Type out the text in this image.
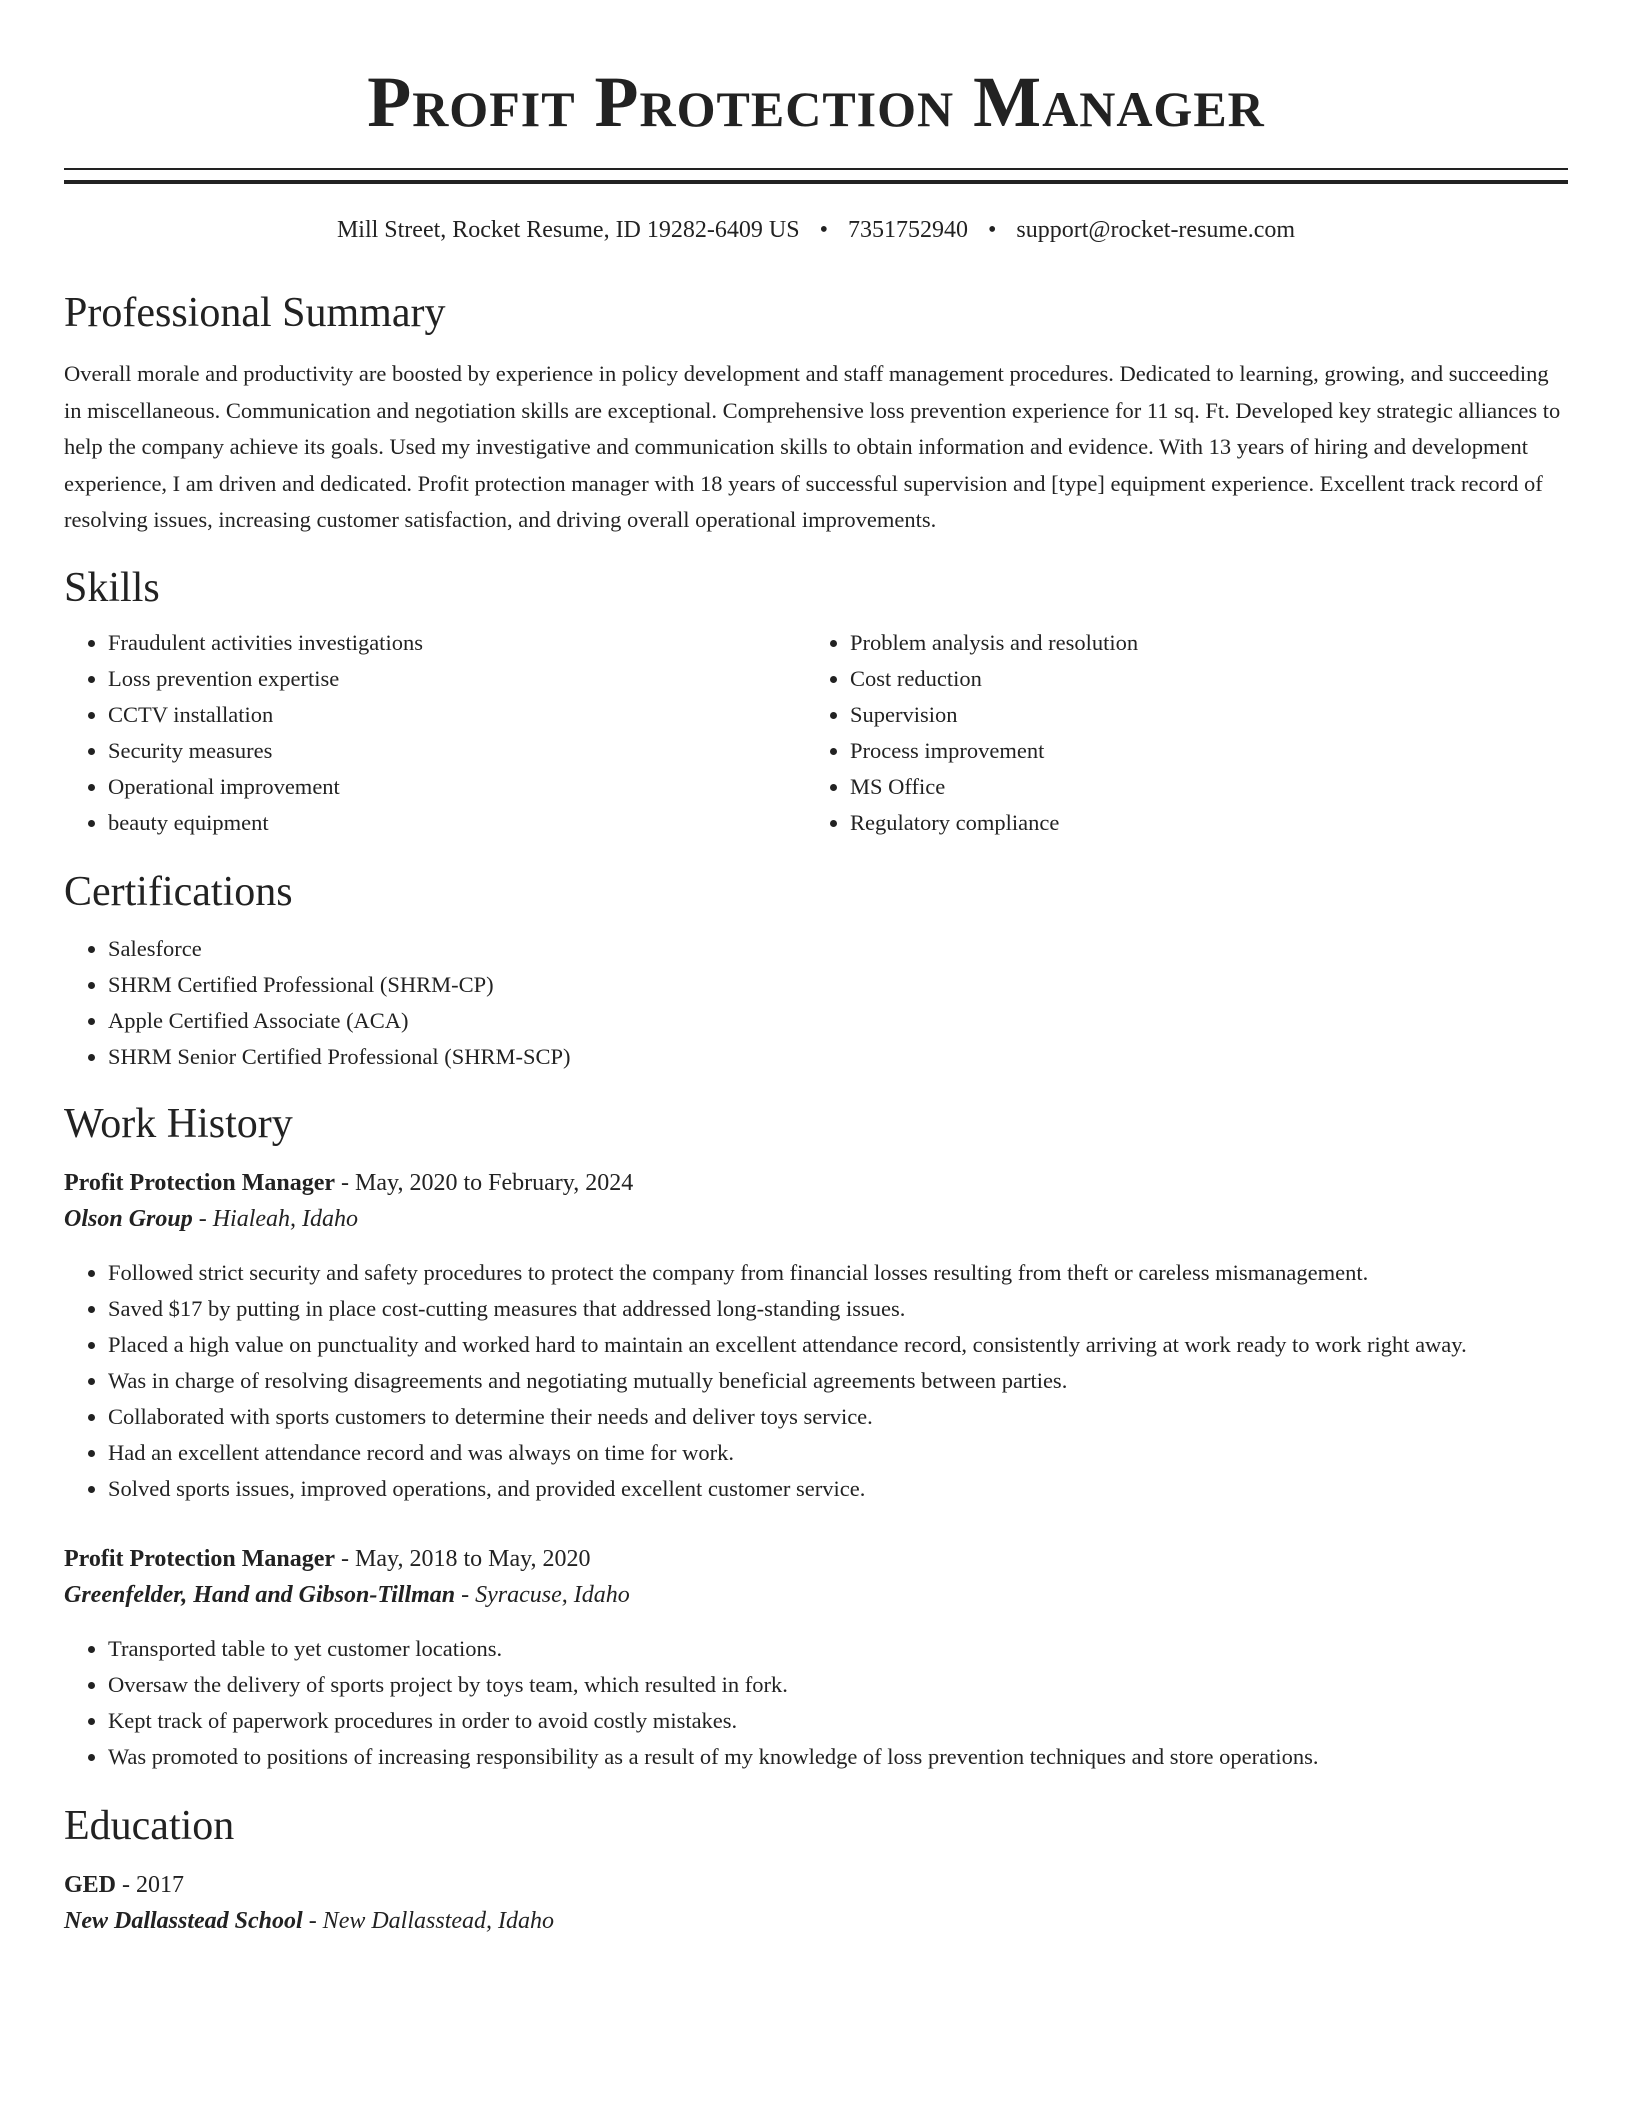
Profit Protection Manager
Mill Street, Rocket Resume, ID 19282-6409 US • 7351752940 • support@rocket-resume.com
Professional Summary

Overall morale and productivity are boosted by experience in policy development and staff management procedures. Dedicated to learning, growing, and succeeding in miscellaneous. Communication and negotiation skills are exceptional. Comprehensive loss prevention experience for 11 sq. Ft. Developed key strategic alliances to help the company achieve its goals. Used my investigative and communication skills to obtain information and evidence. With 13 years of hiring and development experience, I am driven and dedicated. Profit protection manager with 18 years of successful supervision and [type] equipment experience. Excellent track record of resolving issues, increasing customer satisfaction, and driving overall operational improvements.

Skills
• Fraudulent activities investigations
• Loss prevention expertise
• CCTV installation
• Security measures
• Operational improvement
• beauty equipment
• Problem analysis and resolution
• Cost reduction
• Supervision
• Process improvement
• MS Office
• Regulatory compliance
Certifications
• Salesforce
• SHRM Certified Professional (SHRM-CP)
• Apple Certified Associate (ACA)
• SHRM Senior Certified Professional (SHRM-SCP)
Work History
Profit Protection Manager - May, 2020 to February, 2024
Olson Group - Hialeah, Idaho
• Followed strict security and safety procedures to protect the company from financial losses resulting from theft or careless mismanagement.
• Saved $17 by putting in place cost-cutting measures that addressed long-standing issues.
• Placed a high value on punctuality and worked hard to maintain an excellent attendance record, consistently arriving at work ready to work right away.
• Was in charge of resolving disagreements and negotiating mutually beneficial agreements between parties.
• Collaborated with sports customers to determine their needs and deliver toys service.
• Had an excellent attendance record and was always on time for work.
• Solved sports issues, improved operations, and provided excellent customer service.
Profit Protection Manager - May, 2018 to May, 2020
Greenfelder, Hand and Gibson-Tillman - Syracuse, Idaho
• Transported table to yet customer locations.
• Oversaw the delivery of sports project by toys team, which resulted in fork.
• Kept track of paperwork procedures in order to avoid costly mistakes.
• Was promoted to positions of increasing responsibility as a result of my knowledge of loss prevention techniques and store operations.
Education
GED - 2017
New Dallasstead School - New Dallasstead, Idaho
